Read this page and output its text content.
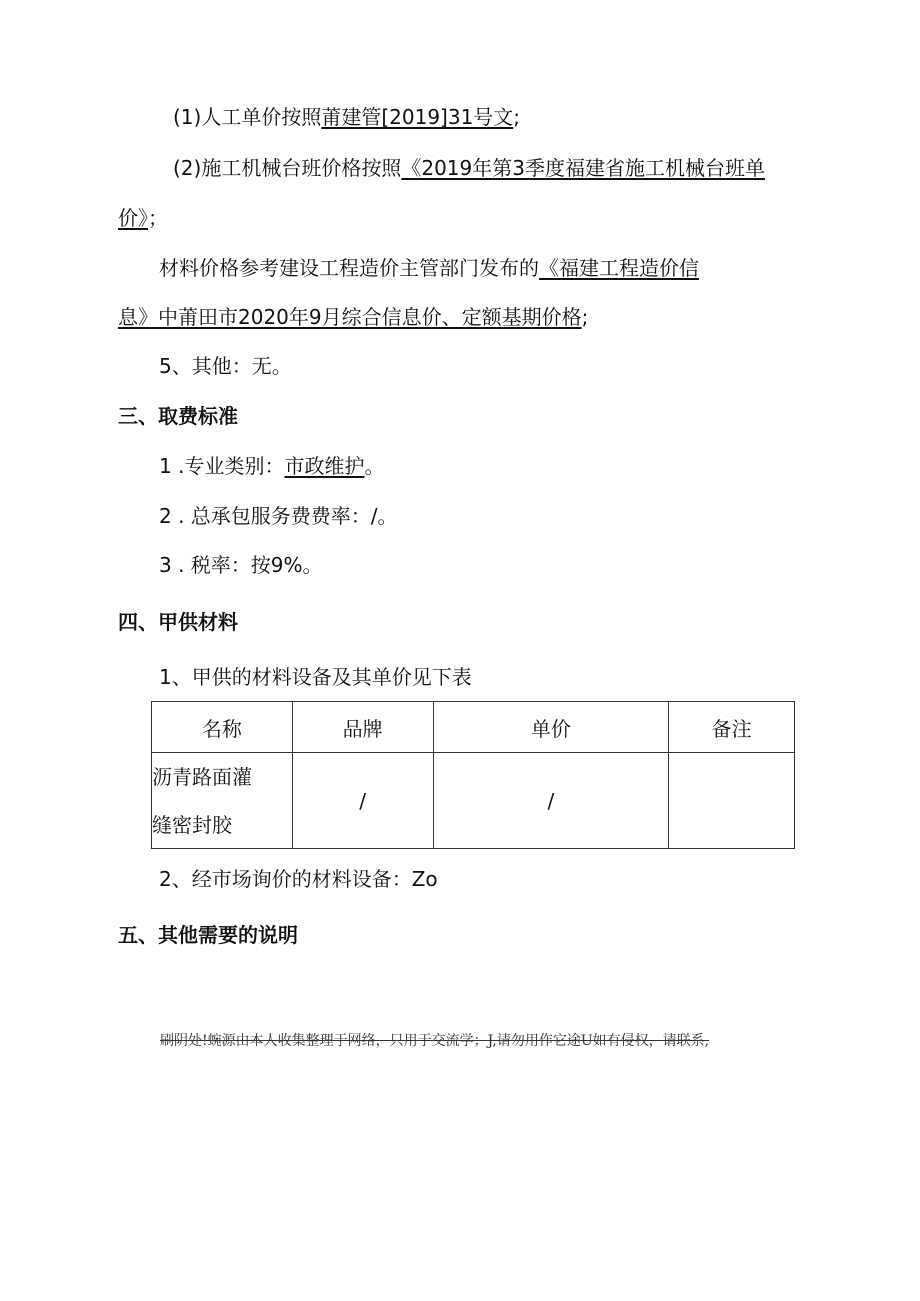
(1)人工单价按照莆建管[2019]31号文;
(2)施工机械台班价格按照《2019年第3季度福建省施工机械台班单
价》；
材料价格参考建设工程造价主管部门发布的《福建工程造价信
息》中莆田市2020年9月综合信息价、定额基期价格;
5、其他：无。
三、取费标准
1 .专业类别：市政维护。
2 . 总承包服务费费率：/。
3 . 税率：按9%。
四、甲供材料
1、甲供的材料设备及其单价见下表
名称	品牌	单价	备注

沥青路面灌
缝密封胶	/	/	
2、经市场询价的材料设备：Zo
五、其他需要的说明
刷阴处!蜿源由本人收集整理于网络，只用于交流学；J,请勿用作它途U如有侵权，请联系,
